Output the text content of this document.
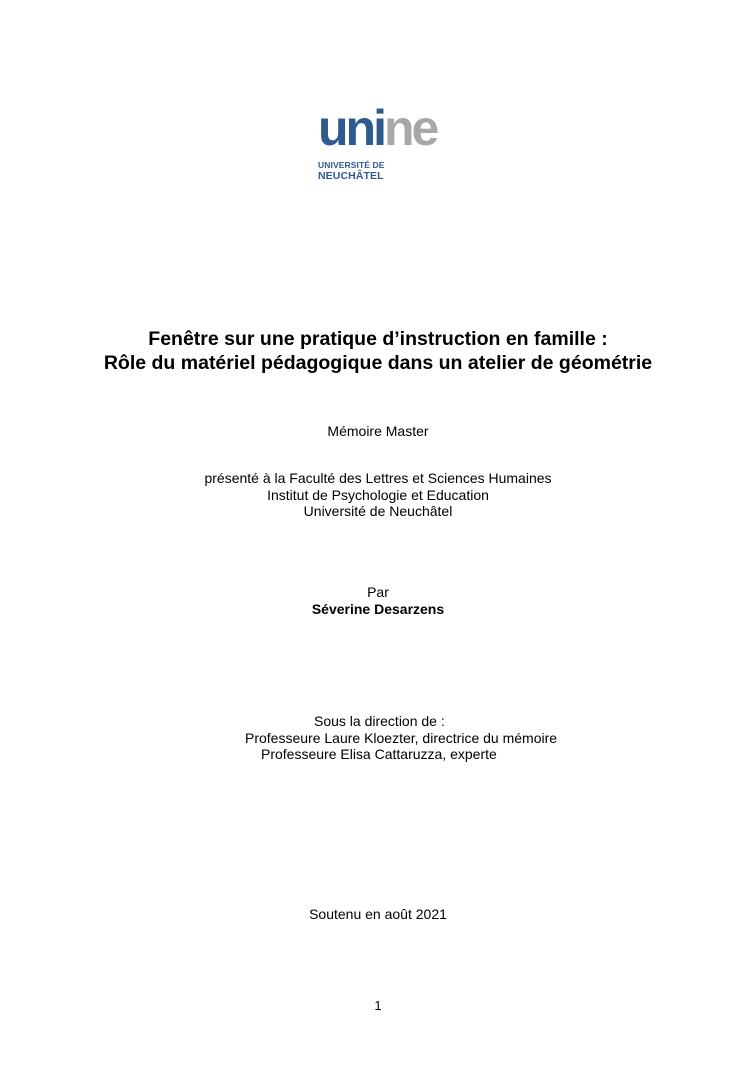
unine
UNIVERSITÉ DE
NEUCHÂTEL
Fenêtre sur une pratique d’instruction en famille :
Rôle du matériel pédagogique dans un atelier de géométrie
Mémoire Master
présenté à la Faculté des Lettres et Sciences Humaines
Institut de Psychologie et Education
Université de Neuchâtel
Par
Séverine Desarzens
Sous la direction de :
Professeure Laure Kloezter, directrice du mémoire
Professeure Elisa Cattaruzza, experte
Soutenu en août 2021
1
